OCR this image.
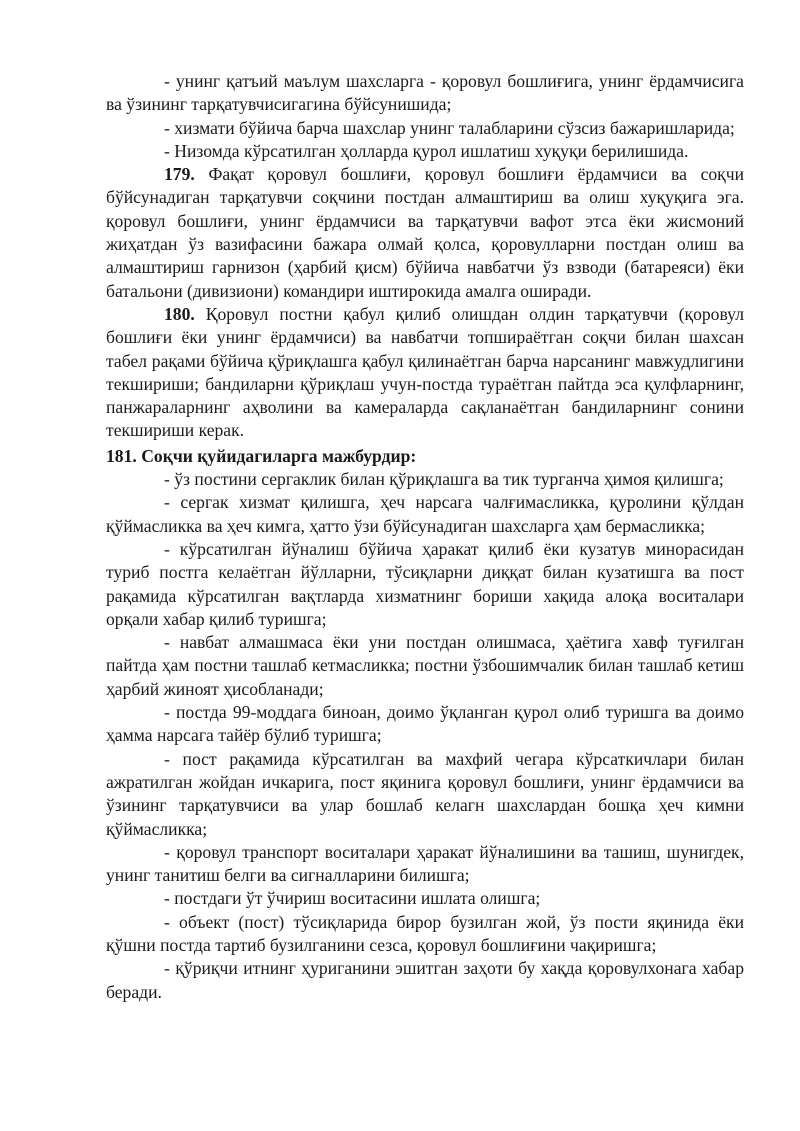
- унинг қатъий маълум шахсларга - қоровул бошлиғига, унинг ёрдамчисига ва ўзининг тарқатувчисигагина бўйсунишида;

- хизмати бўйича барча шахслар унинг талабларини сўзсиз бажаришларида;

- Низомда кўрсатилган ҳолларда қурол ишлатиш хуқуқи берилишида.

179. Фақат қоровул бошлиғи, қоровул бошлиғи ёрдамчиси ва соқчи бўйсунадиган тарқатувчи соқчини постдан алмаштириш ва олиш хуқуқига эга. қоровул бошлиғи, унинг ёрдамчиси ва тарқатувчи вафот этса ёки жисмоний жиҳатдан ўз вазифасини бажара олмай қолса, қоровулларни постдан олиш ва алмаштириш гарнизон (ҳарбий қисм) бўйича навбатчи ўз взводи (батареяси) ёки батальони (дивизиони) командири иштирокида амалга оширади.

180. Қоровул постни қабул қилиб олишдан олдин тарқатувчи (қоровул бошлиғи ёки унинг ёрдамчиси) ва навбатчи топшираётган соқчи билан шахсан табел рақами бўйича қўриқлашга қабул қилинаётган барча нарсанинг мавжудлигини текшириши; бандиларни қўриқлаш учун-постда тураётган пайтда эса қулфларнинг, панжараларнинг аҳволини ва камераларда сақланаётган бандиларнинг сонини текшириши керак.

181. Соқчи қуйидагиларга мажбурдир:

- ўз постини сергаклик билан қўриқлашга ва тик турганча ҳимоя қилишга;

- сергак хизмат қилишга, ҳеч нарсага чалғимасликка, қуролини қўлдан қўймасликка ва ҳеч кимга, ҳатто ўзи бўйсунадиган шахсларга ҳам бермасликка;

- кўрсатилган йўналиш бўйича ҳаракат қилиб ёки кузатув минорасидан туриб постга келаётган йўлларни, тўсиқларни диққат билан кузатишга ва пост рақамида кўрсатилган вақтларда хизматнинг бориши хақида алоқа воситалари орқали хабар қилиб туришга;

- навбат алмашмаса ёки уни постдан олишмаса, ҳаётига хавф туғилган пайтда ҳам постни ташлаб кетмасликка; постни ўзбошимчалик билан ташлаб кетиш ҳарбий жиноят ҳисобланади;

- постда 99-моддага биноан, доимо ўқланган қурол олиб туришга ва доимо ҳамма нарсага тайёр бўлиб туришга;

- пост рақамида кўрсатилган ва махфий чегара кўрсаткичлари билан ажратилган жойдан ичкарига, пост яқинига қоровул бошлиғи, унинг ёрдамчиси ва ўзининг тарқатувчиси ва улар бошлаб келагн шахслардан бошқа ҳеч кимни қўймасликка;

- қоровул транспорт воситалари ҳаракат йўналишини ва ташиш, шунигдек, унинг танитиш белги ва сигналларини билишга;

- постдаги ўт ўчириш воситасини ишлата олишга;

- объект (пост) тўсиқларида бирор бузилган жой, ўз пости яқинида ёки қўшни постда тартиб бузилганини сезса, қоровул бошлиғини чақиришга;

- қўриқчи итнинг ҳуриганини эшитган заҳоти бу хақда қоровулхонага хабар беради.
